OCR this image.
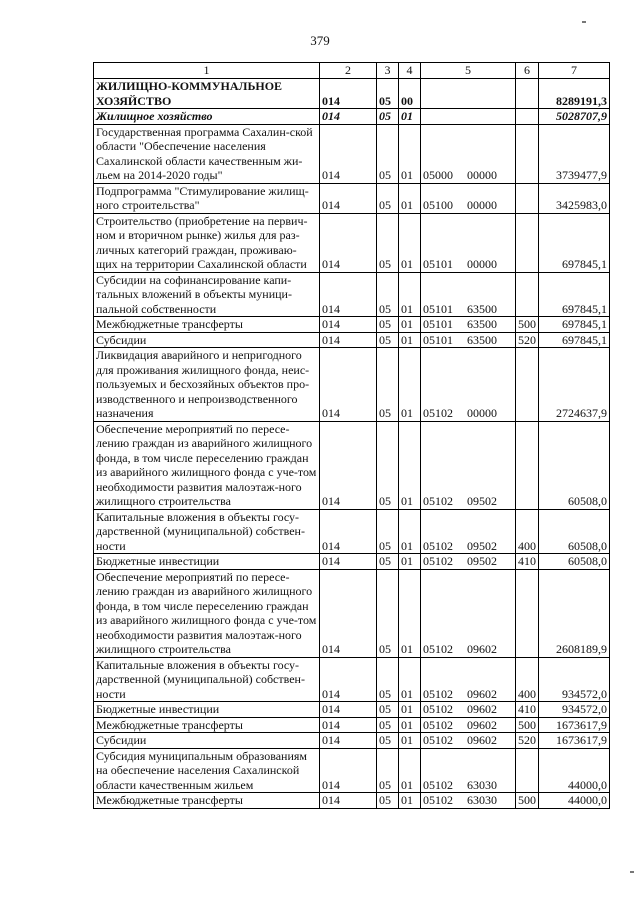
379
1	2	3	4	5	6	7
ЖИЛИЩНО-КОММУНАЛЬНОЕ ХОЗЯЙСТВО	014	05	00			8289191,3
Жилищное хозяйство	014	05	01			5028707,9
Государственная программа Сахалин-ской области "Обеспечение населения Сахалинской области качественным жи-льем на 2014-2020 годы"	014	05	01	05000 00000		3739477,9
Подпрограмма "Стимулирование жилищ-ного строительства"	014	05	01	05100 00000		3425983,0
Строительство (приобретение на первич-ном и вторичном рынке) жилья для раз-личных категорий граждан, проживаю-щих на территории Сахалинской области	014	05	01	05101 00000		697845,1
Субсидии на софинансирование капи-тальных вложений в объекты муници-пальной собственности	014	05	01	05101 63500		697845,1
Межбюджетные трансферты	014	05	01	05101 63500	500	697845,1
Субсидии	014	05	01	05101 63500	520	697845,1
Ликвидация аварийного и непригодного для проживания жилищного фонда, неис-пользуемых и бесхозяйных объектов про-изводственного и непроизводственного назначения	014	05	01	05102 00000		2724637,9
Обеспечение мероприятий по пересе-лению граждан из аварийного жилищного фонда, в том числе переселению граждан из аварийного жилищного фонда с уче-том необходимости развития малоэтаж-ного жилищного строительства	014	05	01	05102 09502		60508,0
Капитальные вложения в объекты госу-дарственной (муниципальной) собствен-ности	014	05	01	05102 09502	400	60508,0
Бюджетные инвестиции	014	05	01	05102 09502	410	60508,0
Обеспечение мероприятий по пересе-лению граждан из аварийного жилищного фонда, в том числе переселению граждан из аварийного жилищного фонда с уче-том необходимости развития малоэтаж-ного жилищного строительства	014	05	01	05102 09602		2608189,9
Капитальные вложения в объекты госу-дарственной (муниципальной) собствен-ности	014	05	01	05102 09602	400	934572,0
Бюджетные инвестиции	014	05	01	05102 09602	410	934572,0
Межбюджетные трансферты	014	05	01	05102 09602	500	1673617,9
Субсидии	014	05	01	05102 09602	520	1673617,9
Субсидия муниципальным образованиям на обеспечение населения Сахалинской области качественным жильем	014	05	01	05102 63030		44000,0
Межбюджетные трансферты	014	05	01	05102 63030	500	44000,0
